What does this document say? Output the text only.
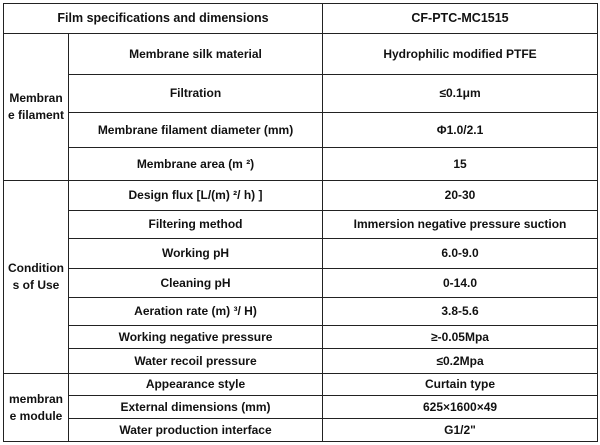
Film specifications and dimensions		CF-PTC-MC1515
Membrane filament	Membrane silk material	Hydrophilic modified PTFE
	Filtration	≤0.1μm
	Membrane filament diameter (mm)	Φ1.0/2.1
	Membrane area (m ²)	15
Conditions of Use	Design flux [L/(m) ²/ h) ]	20-30
	Filtering method	Immersion negative pressure suction
	Working pH	6.0-9.0
	Cleaning pH	0-14.0
	Aeration rate (m) ³/ H)	3.8-5.6
	Working negative pressure	≥-0.05Mpa
	Water recoil pressure	≤0.2Mpa
membrane module	Appearance style	Curtain type
	External dimensions (mm)	625×1600×49
	Water production interface	G1/2"
